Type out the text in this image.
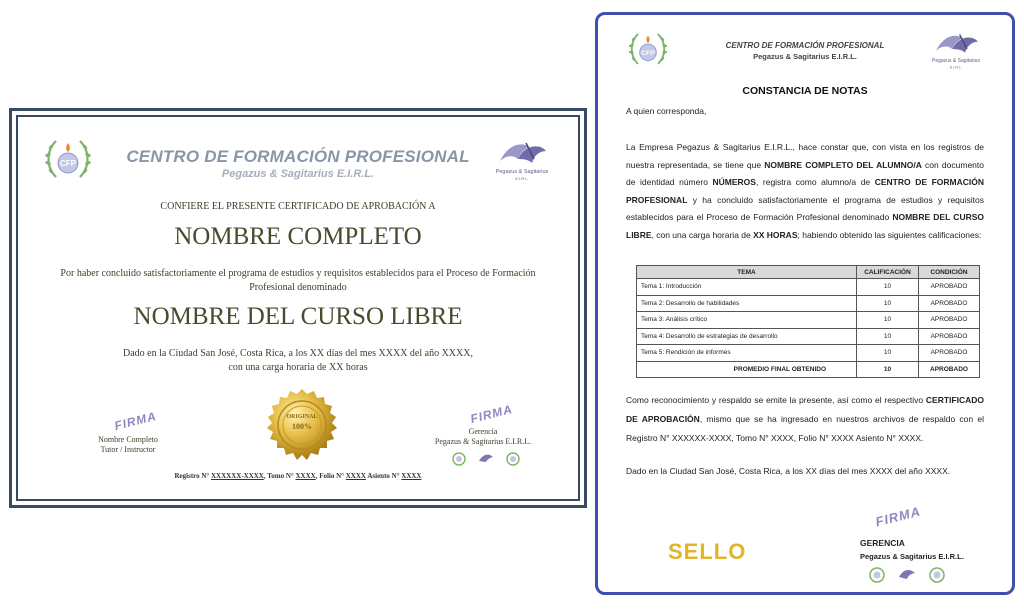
CFP
Pegazus & Sagitarius
E.I.R.L.
CENTRO DE FORMACIÓN PROFESIONAL
Pegazus & Sagitarius E.I.R.L.
CONFIERE EL PRESENTE CERTIFICADO DE APROBACIÓN A
NOMBRE COMPLETO
Por haber concluido satisfactoriamente el programa de estudios y requisitos establecidos para el Proceso de Formación Profesional denominado
NOMBRE DEL CURSO LIBRE
Dado en la Ciudad San José, Costa Rica, a los XX días del mes XXXX del año XXXX,
con una carga horaria de XX horas
ORIGINAL
100%
FIRMA	FIRMA
Nombre Completo
Tutor / Instructor
Gerencia
Pegazus & Sagitarius E.I.R.L.
Registro N° XXXXXX-XXXX, Tomo N° XXXX, Folio N° XXXX Asiento N° XXXX
CFP
CENTRO DE FORMACIÓN PROFESIONAL
Pegazus & Sagitarius E.I.R.L.	Pegazus & Sagitarius
E.I.R.L.
CONSTANCIA DE NOTAS
A quien corresponda,
La Empresa Pegazus & Sagitarius E.I.R.L., hace constar que, con vista en los registros de nuestra representada, se tiene que NOMBRE COMPLETO DEL ALUMNO/A con documento de identidad número NÚMEROS, registra como alumno/a de CENTRO DE FORMACIÓN PROFESIONAL y ha concluido satisfactoriamente el programa de estudios y requisitos establecidos para el Proceso de Formación Profesional denominado NOMBRE DEL CURSO LIBRE, con una carga horaria de XX HORAS; habiendo obtenido las siguientes calificaciones:
TEMA	CALIFICACIÓN	CONDICIÓN
Tema 1: Introducción	10	APROBADO
Tema 2: Desarrollo de habilidades	10	APROBADO
Tema 3: Análisis crítico	10	APROBADO
Tema 4: Desarrollo de estrategias de desarrollo	10	APROBADO
Tema 5: Rendición de informes	10	APROBADO
PROMEDIO FINAL OBTENIDO	10	APROBADO
Como reconocimiento y respaldo se emite la presente, así como el respectivo CERTIFICADO DE APROBACIÓN, mismo que se ha ingresado en nuestros archivos de respaldo con el Registro N° XXXXXX-XXXX, Tomo N° XXXX, Folio N° XXXX Asiento N° XXXX.
Dado en la Ciudad San José, Costa Rica, a los XX días del mes XXXX del año XXXX.
SELLO
FIRMA
GERENCIA
Pegazus & Sagitarius E.I.R.L.
